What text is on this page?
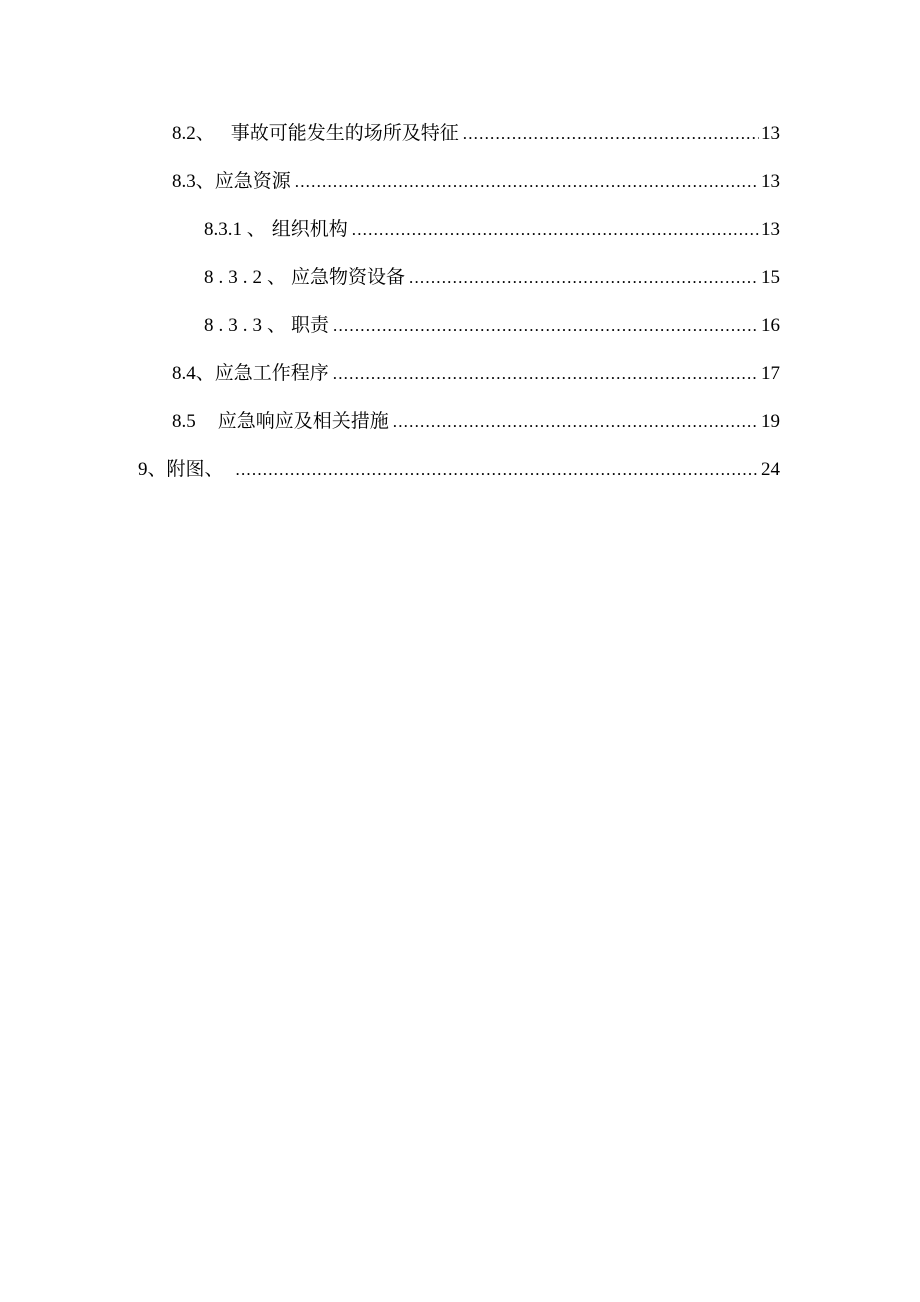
8.2、 事故可能发生的场所及特征 .....	13
8.3、 应急资源 .....	13
8.3.1 、 组织机构 .....	13
8.3.2、 应急物资设备 .....	15
8.3.3、 职责 .....	16
8.4、 应急工作程序 .....	17
8.5 应急响应及相关措施 .....	19
9、 附图、 .....	24
